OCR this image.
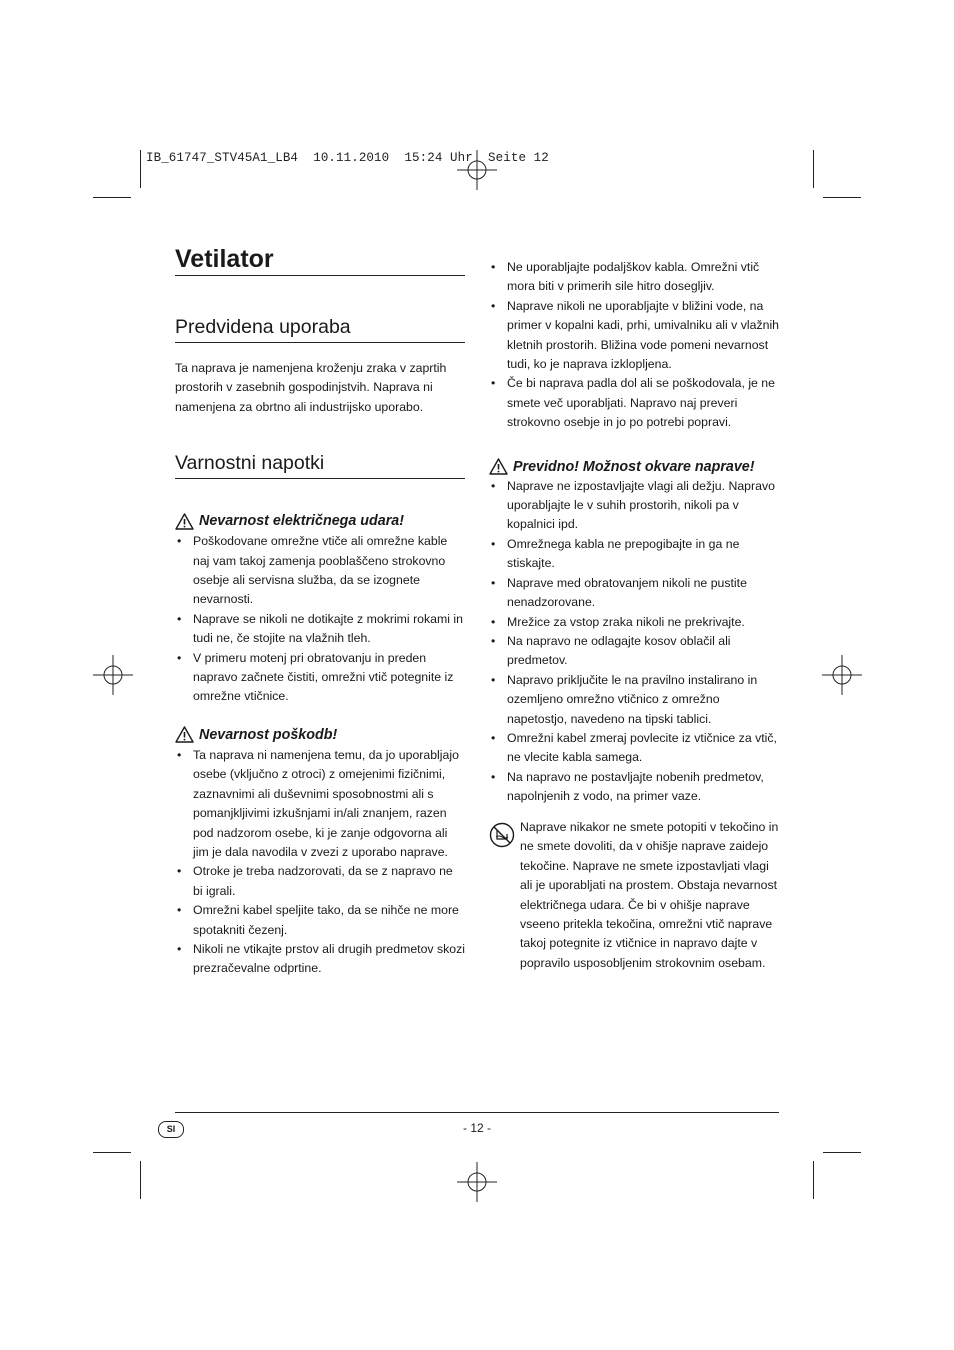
IB_61747_STV45A1_LB4  10.11.2010  15:24 Uhr  Seite 12
Vetilator
Predvidena uporaba

Ta naprava je namenjena kroženju zraka v zaprtih prostorih v zasebnih gospodinjstvih. Naprava ni namenjena za obrtno ali industrijsko uporabo.

Varnostni napotki
Nevarnost električnega udara!
• Poškodovane omrežne vtiče ali omrežne kable naj vam takoj zamenja pooblaščeno strokovno osebje ali servisna služba, da se izognete nevarnosti.
• Naprave se nikoli ne dotikajte z mokrimi rokami in tudi ne, če stojite na vlažnih tleh.
• V primeru motenj pri obratovanju in preden napravo začnete čistiti, omrežni vtič potegnite iz omrežne vtičnice.
Nevarnost poškodb!
• Ta naprava ni namenjena temu, da jo uporabljajo osebe (vključno z otroci) z omejenimi fizičnimi, zaznavnimi ali duševnimi sposobnostmi ali s pomanjkljivimi izkušnjami in/ali znanjem, razen pod nadzorom osebe, ki je zanje odgovorna ali jim je dala navodila v zvezi z uporabo naprave.
• Otroke je treba nadzorovati, da se z napravo ne bi igrali.
• Omrežni kabel speljite tako, da se nihče ne more spotakniti čezenj.
• Nikoli ne vtikajte prstov ali drugih predmetov skozi prezračevalne odprtine.
• Ne uporabljajte podaljškov kabla. Omrežni vtič mora biti v primerih sile hitro dosegljiv.
• Naprave nikoli ne uporabljajte v bližini vode, na primer v kopalni kadi, prhi, umivalniku ali v vlažnih kletnih prostorih. Bližina vode pomeni nevarnost tudi, ko je naprava izklopljena.
• Če bi naprava padla dol ali se poškodovala, je ne smete več uporabljati. Napravo naj preveri strokovno osebje in jo po potrebi popravi.
Previdno! Možnost okvare naprave!
• Naprave ne izpostavljajte vlagi ali dežju. Napravo uporabljajte le v suhih prostorih, nikoli pa v kopalnici ipd.
• Omrežnega kabla ne prepogibajte in ga ne stiskajte.
• Naprave med obratovanjem nikoli ne pustite nenadzorovane.
• Mrežice za vstop zraka nikoli ne prekrivajte.
• Na napravo ne odlagajte kosov oblačil ali predmetov.
• Napravo priključite le na pravilno instalirano in ozemljeno omrežno vtičnico z omrežno napetostjo, navedeno na tipski tablici.
• Omrežni kabel zmeraj povlecite iz vtičnice za vtič, ne vlecite kabla samega.
• Na napravo ne postavljajte nobenih predmetov, napolnjenih z vodo, na primer vaze.

Naprave nikakor ne smete potopiti v tekočino in ne smete dovoliti, da v ohišje naprave zaidejo tekočine. Naprave ne smete izpostavljati vlagi ali je uporabljati na prostem. Obstaja nevarnost električnega udara. Če bi v ohišje naprave vseeno pritekla tekočina, omrežni vtič naprave takoj potegnite iz vtičnice in napravo dajte v popravilo usposobljenim strokovnim osebam.

SI	- 12 -
